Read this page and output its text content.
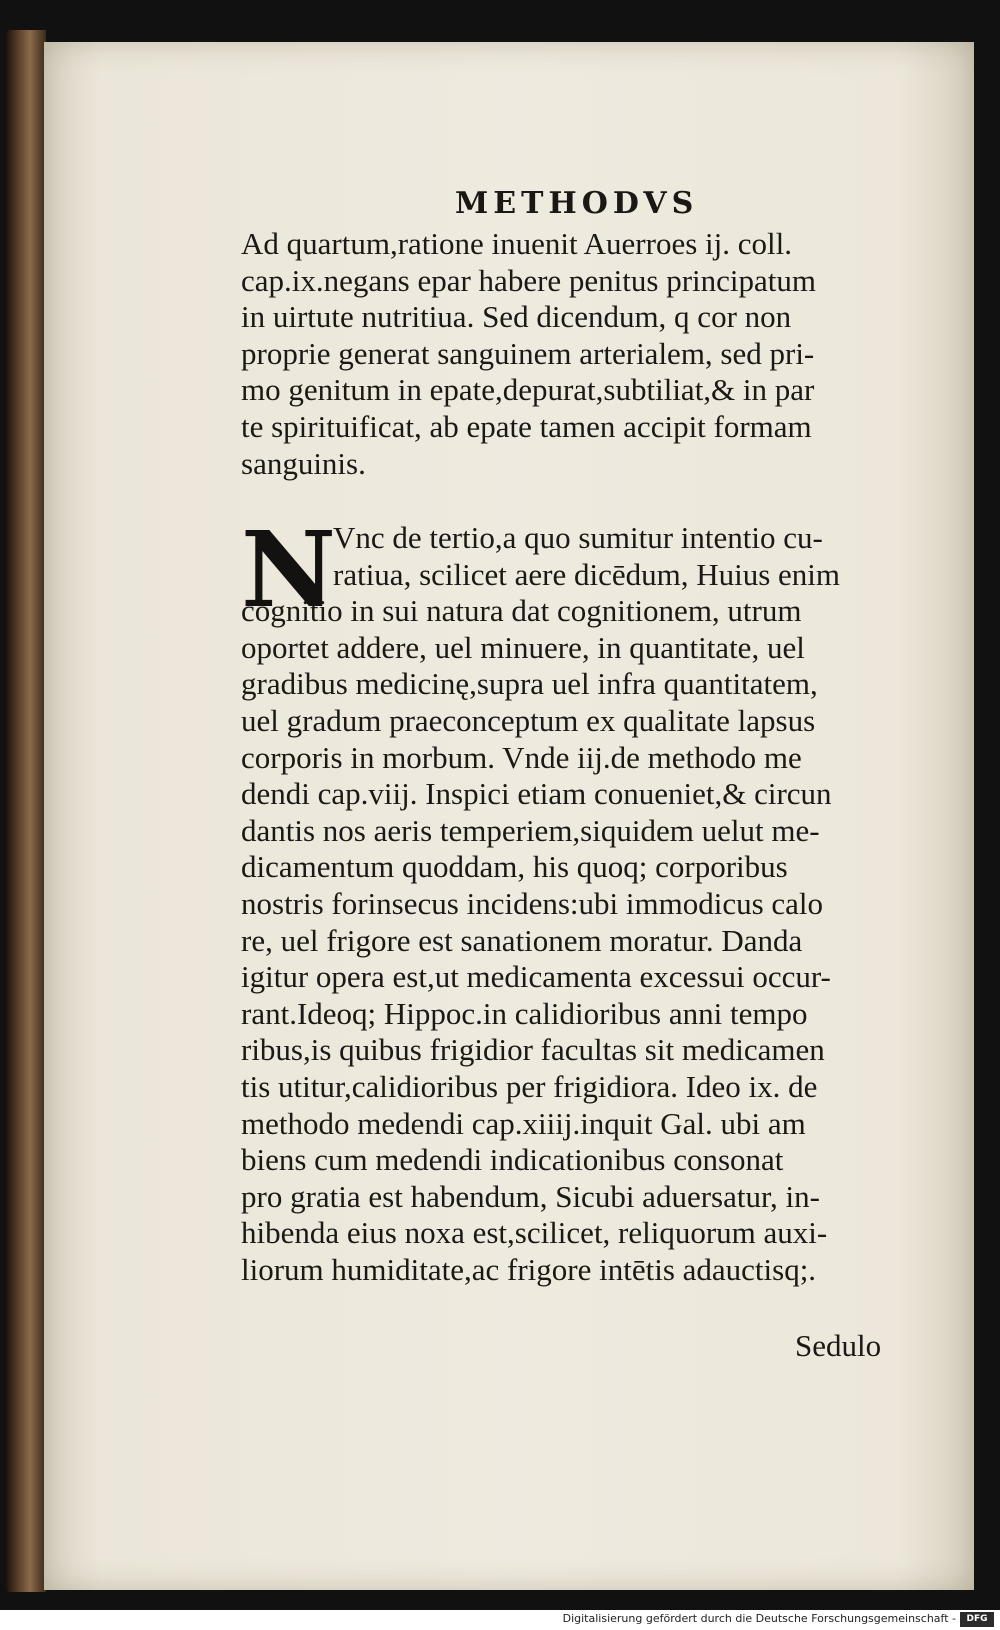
METHODVS
Ad quartum,ratione inuenit Auerroes ij. coll.
cap.ix.negans epar habere penitus principatum
in uirtute nutritiua. Sed dicendum, q cor non
proprie generat sanguinem arterialem, sed pri-
mo genitum in epate,depurat,subtiliat,& in par
te spirituificat, ab epate tamen accipit formam
sanguinis.
N
Vnc de tertio,a quo sumitur intentio cu-
ratiua, scilicet aere dicēdum, Huius enim
cognitio in sui natura dat cognitionem, utrum
oportet addere, uel minuere, in quantitate, uel
gradibus medicinę,supra uel infra quantitatem,
uel gradum praeconceptum ex qualitate lapsus
corporis in morbum. Vnde iij.de methodo me
dendi cap.viij. Inspici etiam conueniet,& circun
dantis nos aeris temperiem,siquidem uelut me-
dicamentum quoddam, his quoq; corporibus
nostris forinsecus incidens:ubi immodicus calo
re, uel frigore est sanationem moratur. Danda
igitur opera est,ut medicamenta excessui occur-
rant.Ideoq; Hippoc.in calidioribus anni tempo
ribus,is quibus frigidior facultas sit medicamen
tis utitur,calidioribus per frigidiora. Ideo ix. de
methodo medendi cap.xiiij.inquit Gal. ubi am
biens cum medendi indicationibus consonat
pro gratia est habendum, Sicubi aduersatur, in-
hibenda eius noxa est,scilicet, reliquorum auxi-
liorum humiditate,ac frigore intētis adauctisq;.
Sedulo
Digitalisierung gefördert durch die Deutsche Forschungsgemeinschaft -	DFG
